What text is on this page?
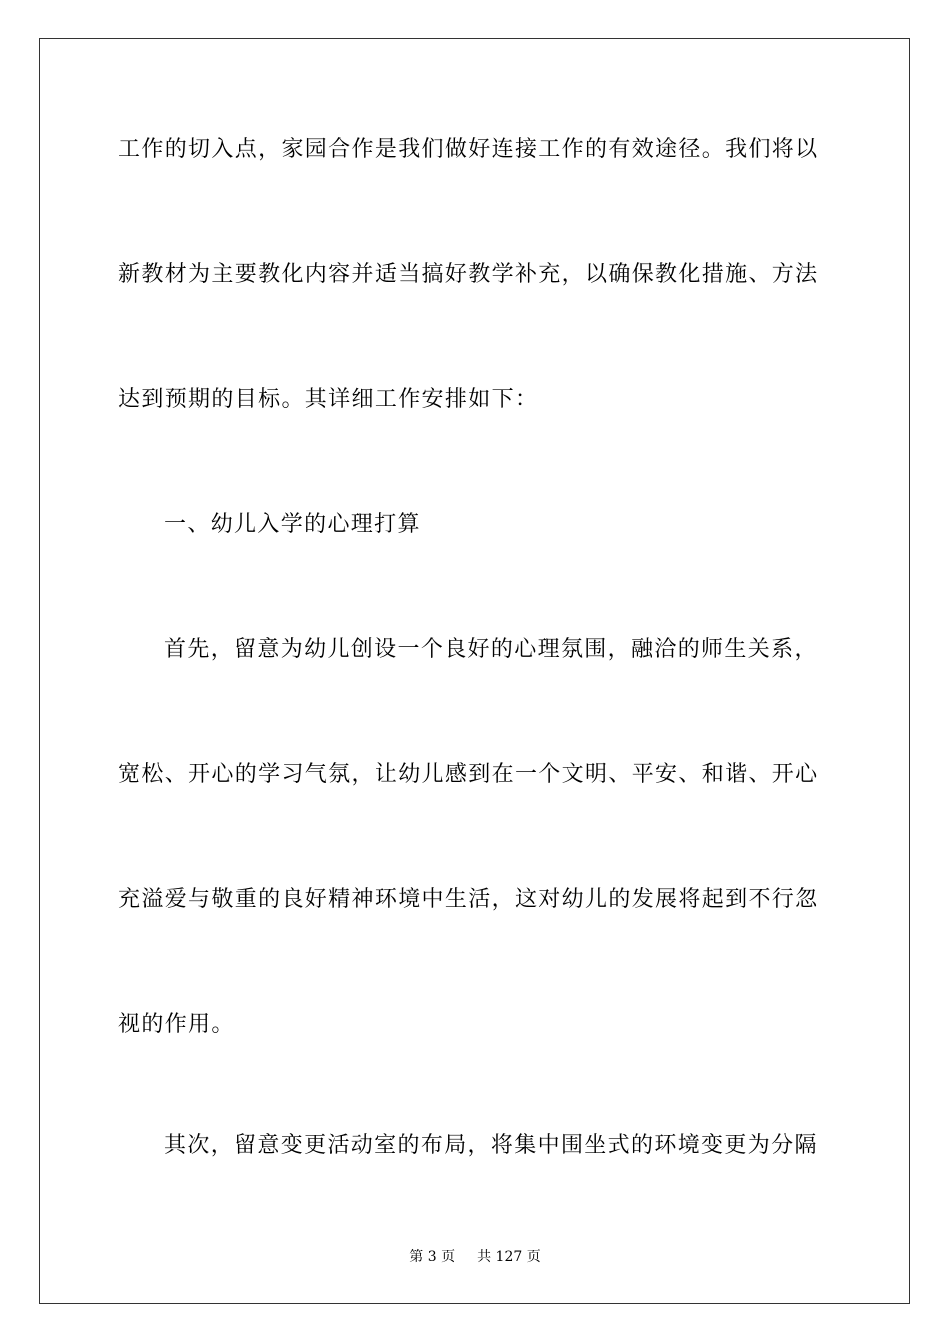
工作的切入点，家园合作是我们做好连接工作的有效途径。我们将以
新教材为主要教化内容并适当搞好教学补充，以确保教化措施、方法
达到预期的目标。其详细工作安排如下：
一、幼儿入学的心理打算
首先，留意为幼儿创设一个良好的心理氛围，融洽的师生关系，
宽松、开心的学习气氛，让幼儿感到在一个文明、平安、和谐、开心
充溢爱与敬重的良好精神环境中生活，这对幼儿的发展将起到不行忽
视的作用。
其次，留意变更活动室的布局，将集中围坐式的环境变更为分隔
第 3 页 共 127 页
